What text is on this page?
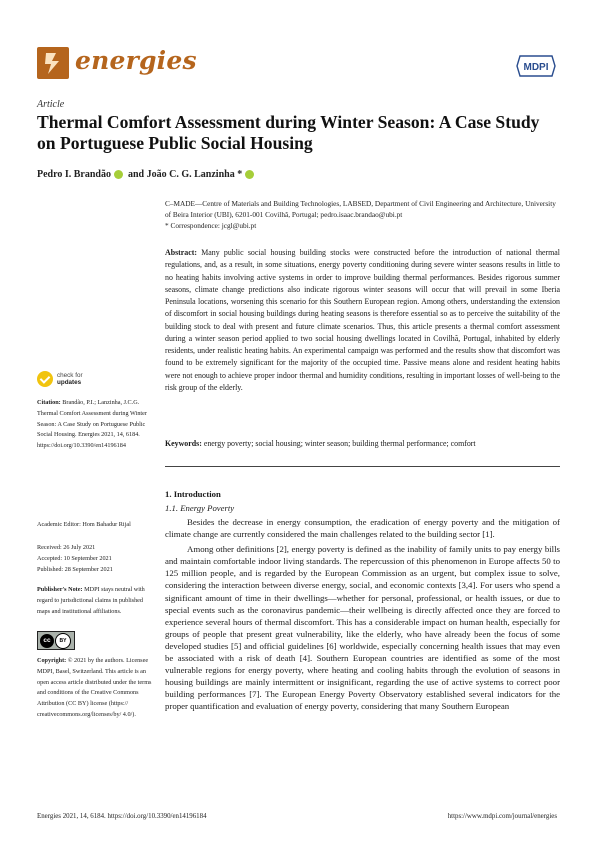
energies	MDPI
Article
Thermal Comfort Assessment during Winter Season: A Case Study on Portuguese Public Social Housing
Pedro I. Brandão and
João C. G. Lanzinha *
C–MADE—Centre of Materials and Building Technologies, LABSED, Department of Civil Engineering and Architecture, University of Beira Interior (UBI), 6201-001 Covilhã, Portugal; pedro.isaac.brandao@ubi.pt
* Correspondence: jcgl@ubi.pt
Abstract: Many public social housing building stocks were constructed before the introduction of national thermal regulations, and, as a result, in some situations, energy poverty conditioning during severe winter seasons results in little to no heating habits involving active systems in order to improve building thermal performances. Besides rigorous summer seasons, climate change predictions also indicate rigorous winter seasons will occur that will prevail in some Iberia Peninsula locations, worsening this scenario for this Southern European region. Among others, understanding the extension of discomfort in social housing buildings during heating seasons is therefore essential so as to perceive the suitability of the building stock to deal with present and future climate scenarios. Thus, this article presents a thermal comfort assessment during a winter season period applied to two social housing dwellings located in Covilhã, Portugal, inhabited by elderly residents, under realistic heating habits. An experimental campaign was performed and the results show that discomfort was found to be extremely significant for the majority of the occupied time. Passive means alone and resident heating habits were not enough to achieve proper indoor thermal and humidity conditions, resulting in important losses of well-being to the risk group of the elderly.
Keywords: energy poverty; social housing; winter season; building thermal performance; comfort
check for
updates
Citation: Brandão, P.I.; Lanzinha, J.C.G. Thermal Comfort Assessment during Winter Season: A Case Study on Portuguese Public Social Housing. Energies 2021, 14, 6184. https://doi.org/10.3390/en14196184
Academic Editor: Hom Bahadur Rijal
Received: 26 July 2021
Accepted: 10 September 2021
Published: 28 September 2021
Publisher's Note: MDPI stays neutral with regard to jurisdictional claims in published maps and institutional affiliations.
cc	BY
Copyright: © 2021 by the authors. Licensee MDPI, Basel, Switzerland. This article is an open access article distributed under the terms and conditions of the Creative Commons Attribution (CC BY) license (https:// creativecommons.org/licenses/by/ 4.0/).
1. Introduction
1.1. Energy Poverty

Besides the decrease in energy consumption, the eradication of energy poverty and the mitigation of climate change are currently considered the main challenges related to the building sector [1].

Among other definitions [2], energy poverty is defined as the inability of family units to pay energy bills and maintain comfortable indoor living standards. The repercussion of this phenomenon in Europe affects 50 to 125 million people, and is regarded by the European Commission as an urgent, but complex issue to solve, considering the interaction between diverse energy, social, and economic contexts [3,4]. For users who spend a significant amount of time in their dwellings—whether for personal, professional, or health issues, or due to special events such as the coronavirus pandemic—their wellbeing is directly affected once they are forced to experience several hours of thermal discomfort. This has a considerable impact on human health, especially for groups of people that present great vulnerability, like the elderly, who have already been the focus of some developed studies [5] and official guidelines [6] worldwide, especially concerning health issues that may even be associated with a risk of death [4]. Southern European countries are identified as some of the most vulnerable regions for energy poverty, where heating and cooling habits through the evolution of seasons in housing buildings are mainly intermittent or insignificant, regarding the use of active systems to correct poor building performances [7]. The European Energy Poverty Observatory established several indicators for the proper quantification and evaluation of energy poverty, considering that many Southern European

Energies 2021, 14, 6184. https://doi.org/10.3390/en14196184	https://www.mdpi.com/journal/energies
